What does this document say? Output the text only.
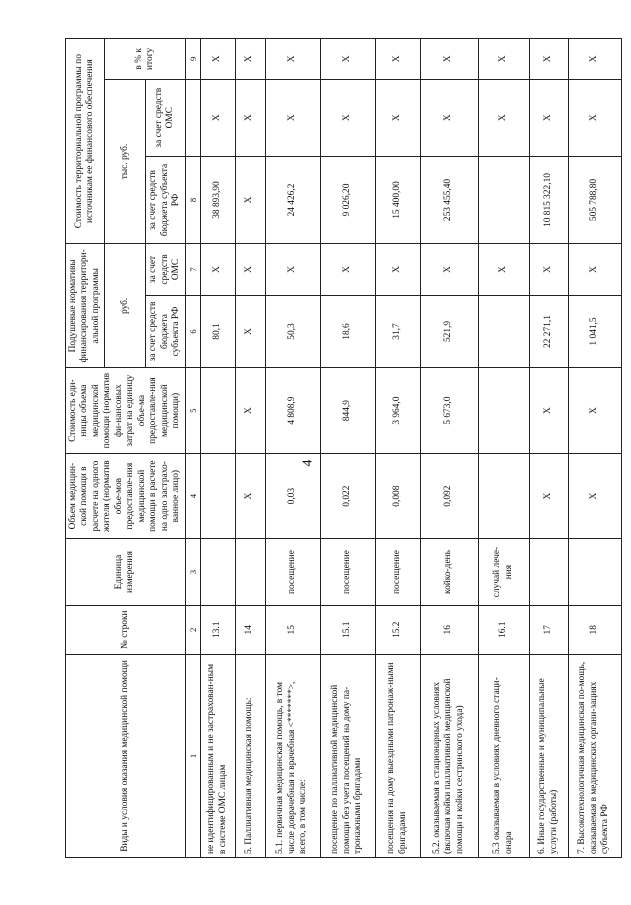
4
Виды и условия оказания медицинской помощи	№ строки	Единица измерения	Объем медицин-ской помощи в расчете на одного жителя (норматив объе-мов предоставле-ния медицинской помощи в расчете на одно застрахо-ванное лицо)	Стоимость еди-ницы объема медицинской помощи (норматив фи-нансовых затрат на единицу объе-ма предоставле-ния медицинской помощи)	Подушевые нормативы финансирования территори-альной программы		Стоимость территориальной программы по источникам ее финансового обеспечения		
					руб.		тыс. руб.		в % к итогу
					за счет средств бюджета субъекта РФ	за счет средств ОМС	за счет средств бюджета субъекта РФ	за счет средств ОМС	
1	2	3	4	5	6	7	8		9
не идентифицированным и не застрахован-ным в системе ОМС лицам	13.1				80,1	X	38 893,90	X	X
5. Паллиативная медицинская помощь:	14		X	X	X	X	X	X	X
5.1. первичная медицинская помощь, в том числе доврачебная и врачебная <*******>, всего, в том числе:	15	посещение	0,03	4 808,9	50,3	X	24 426,2	X	X
посещение по паллиативной медицинской помощи без учета посещений на дому па-тронажными бригадами	15.1	посещение	0,022	844,9	18,6	X	9 026,20	X	X
посещения на дому выездными патронаж-ными бригадами	15.2	посещение	0,008	3 964,0	31,7	X	15 400,00	X	X
5.2. оказываемая в стационарных условиях (включая койки паллиативной медицинской помощи и койки сестринского ухода)	16	койко-день	0,092	5 673,0	521,9	X	253 455,40	X	X
5.3 оказываемая в условиях дневного стаци-онара	16.1	случай лече-ния				X		X	X
6. Иные государственные и муниципальные услуги (работы)	17		X	X	22 271,1	X	10 815 322,10	X	X
7. Высокотехнологичная медицинская по-мощь, оказываемая в медицинских органи-зациях субъекта РФ	18		X	X	1 041,5	X	505 788,80	X	X
